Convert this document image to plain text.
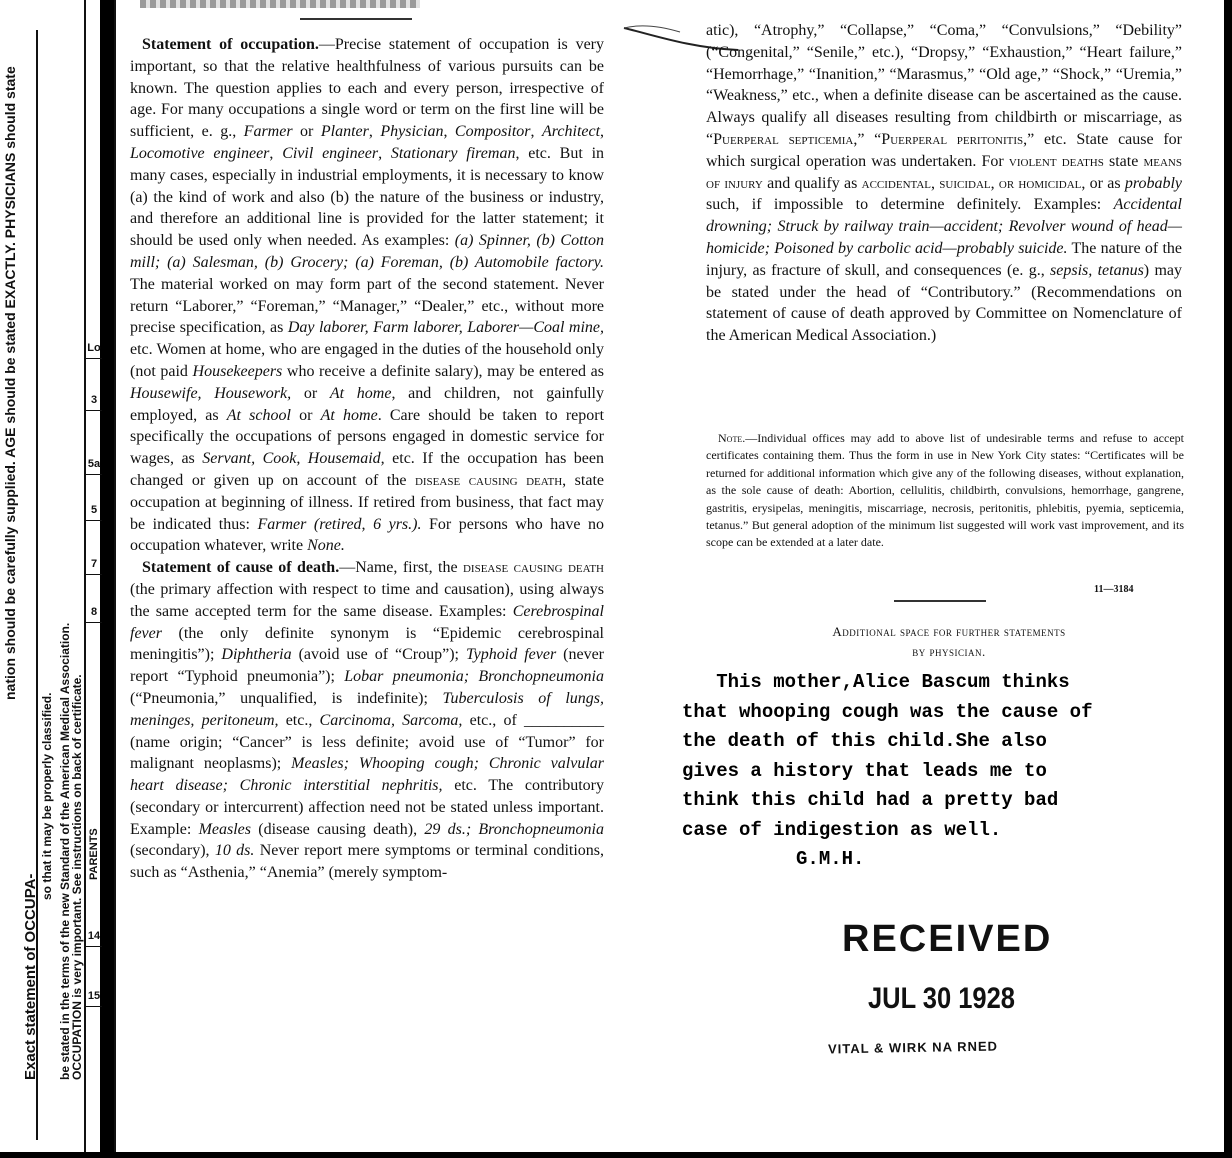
nation should be carefully supplied. AGE should be stated EXACTLY. PHYSICIANS should state
Exact statement of OCCUPA-
so that it may be properly classified. be stated in the terms of the new Standard of the American Medical Association.
OCCUPATION is very important. See instructions on back of certificate. PARENTS
Lo
3
5a
5
7
8
14
15

Statement of occupation.—Precise statement of occupation is very important, so that the relative healthfulness of various pursuits can be known. The question applies to each and every person, irrespective of age. For many occupations a single word or term on the first line will be sufficient, e. g., Farmer or Planter, Physician, Compositor, Architect, Locomotive engineer, Civil engineer, Stationary fireman, etc. But in many cases, especially in industrial employments, it is necessary to know (a) the kind of work and also (b) the nature of the business or industry, and therefore an additional line is provided for the latter statement; it should be used only when needed. As examples: (a) Spinner, (b) Cotton mill; (a) Salesman, (b) Grocery; (a) Foreman, (b) Automobile factory. The material worked on may form part of the second statement. Never return “Laborer,” “Foreman,” “Manager,” “Dealer,” etc., without more precise specification, as Day laborer, Farm laborer, Laborer—Coal mine, etc. Women at home, who are engaged in the duties of the household only (not paid Housekeepers who receive a definite salary), may be entered as Housewife, Housework, or At home, and children, not gainfully employed, as At school or At home. Care should be taken to report specifically the occupations of persons engaged in domestic service for wages, as Servant, Cook, Housemaid, etc. If the occupation has been changed or given up on account of the disease causing death, state occupation at beginning of illness. If retired from business, that fact may be indicated thus: Farmer (retired, 6 yrs.). For persons who have no occupation whatever, write None.

Statement of cause of death.—Name, first, the disease causing death (the primary affection with respect to time and causation), using always the same accepted term for the same disease. Examples: Cerebrospinal fever (the only definite synonym is “Epidemic cerebrospinal meningitis”); Diphtheria (avoid use of “Croup”); Typhoid fever (never report “Typhoid pneumonia”); Lobar pneumonia; Bronchopneumonia (“Pneumonia,” unqualified, is indefinite); Tuberculosis of lungs, meninges, peritoneum, etc., Carcinoma, Sarcoma, etc., of __________ (name origin; “Cancer” is less definite; avoid use of “Tumor” for malignant neoplasms); Measles; Whooping cough; Chronic valvular heart disease; Chronic interstitial nephritis, etc. The contributory (secondary or intercurrent) affection need not be stated unless important. Example: Measles (disease causing death), 29 ds.; Bronchopneumonia (secondary), 10 ds. Never report mere symptoms or terminal conditions, such as “Asthenia,” “Anemia” (merely symptom-

atic), “Atrophy,” “Collapse,” “Coma,” “Convulsions,” “Debility” (“Congenital,” “Senile,” etc.), “Dropsy,” “Exhaustion,” “Heart failure,” “Hemorrhage,” “Inanition,” “Marasmus,” “Old age,” “Shock,” “Uremia,” “Weakness,” etc., when a definite disease can be ascertained as the cause. Always qualify all diseases resulting from childbirth or miscarriage, as “Puerperal septicemia,” “Puerperal peritonitis,” etc. State cause for which surgical operation was undertaken. For violent deaths state means of injury and qualify as accidental, suicidal, or homicidal, or as probably such, if impossible to determine definitely. Examples: Accidental drowning; Struck by railway train—accident; Revolver wound of head—homicide; Poisoned by carbolic acid—probably suicide. The nature of the injury, as fracture of skull, and consequences (e. g., sepsis, tetanus) may be stated under the head of “Contributory.” (Recommendations on statement of cause of death approved by Committee on Nomenclature of the American Medical Association.)

Note.—Individual offices may add to above list of undesirable terms and refuse to accept certificates containing them. Thus the form in use in New York City states: “Certificates will be returned for additional information which give any of the following diseases, without explanation, as the sole cause of death: Abortion, cellulitis, childbirth, convulsions, hemorrhage, gangrene, gastritis, erysipelas, meningitis, miscarriage, necrosis, peritonitis, phlebitis, pyemia, septicemia, tetanus.” But general adoption of the minimum list suggested will work vast improvement, and its scope can be extended at a later date.
11—3184
Additional space for further statements
by physician.
This mother,Alice Bascum thinks
that whooping cough was the cause of
the death of this child.She also
gives a history that leads me to
think this child had a pretty bad
case of indigestion as well.
G.M.H.
RECEIVED
JUL 30 1928
VITAL & WIRK NA RNED
